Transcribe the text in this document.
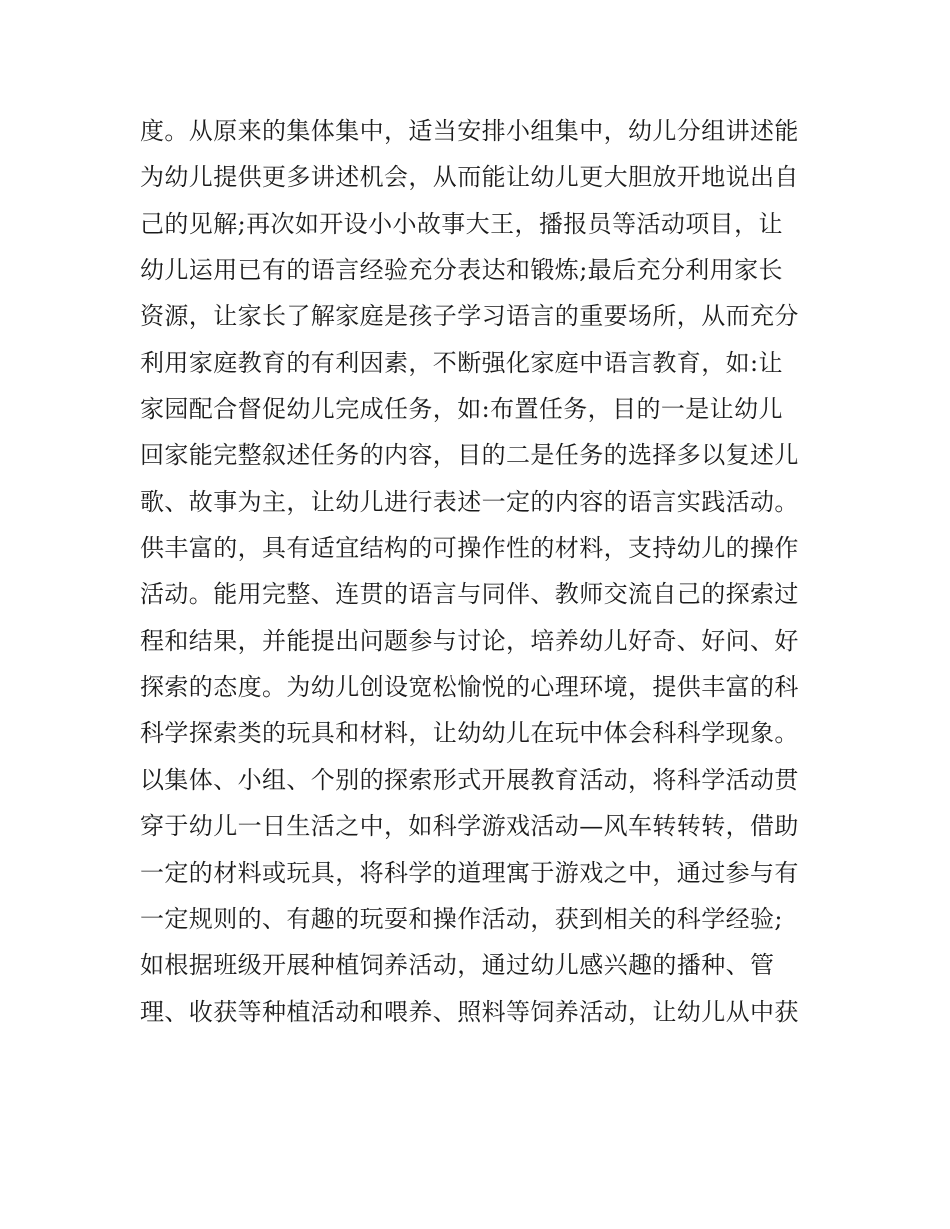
度。从原来的集体集中，适当安排小组集中，幼儿分组讲述能
为幼儿提供更多讲述机会，从而能让幼儿更大胆放开地说出自
己的见解;再次如开设小小故事大王，播报员等活动项目，让
幼儿运用已有的语言经验充分表达和锻炼;最后充分利用家长
资源，让家长了解家庭是孩子学习语言的重要场所，从而充分
利用家庭教育的有利因素，不断强化家庭中语言教育，如:让
家园配合督促幼儿完成任务，如:布置任务，目的一是让幼儿
回家能完整叙述任务的内容，目的二是任务的选择多以复述儿
歌、故事为主，让幼儿进行表述一定的内容的语言实践活动。
供丰富的，具有适宜结构的可操作性的材料，支持幼儿的操作
活动。能用完整、连贯的语言与同伴、教师交流自己的探索过
程和结果，并能提出问题参与讨论，培养幼儿好奇、好问、好
探索的态度。为幼儿创设宽松愉悦的心理环境，提供丰富的科
科学探索类的玩具和材料，让幼幼儿在玩中体会科科学现象。
以集体、小组、个别的探索形式开展教育活动，将科学活动贯
穿于幼儿一日生活之中，如科学游戏活动—风车转转转，借助
一定的材料或玩具，将科学的道理寓于游戏之中，通过参与有
一定规则的、有趣的玩耍和操作活动，获到相关的科学经验;
如根据班级开展种植饲养活动，通过幼儿感兴趣的播种、管
理、收获等种植活动和喂养、照料等饲养活动，让幼儿从中获
